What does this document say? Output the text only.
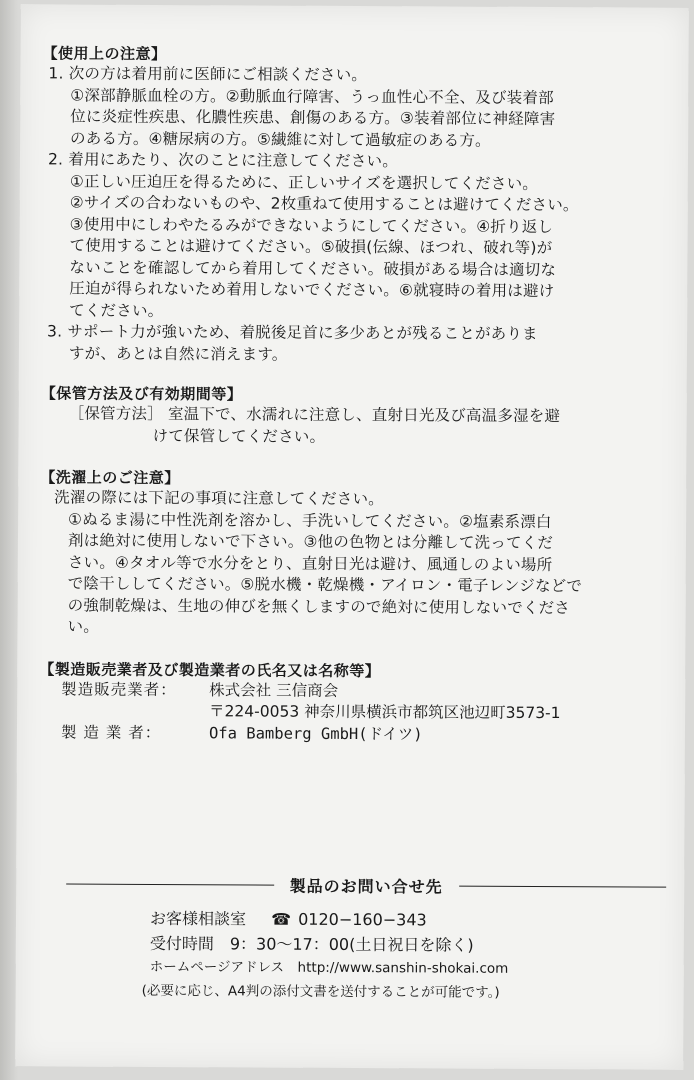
【使用上の注意】
1. 次の方は着用前に医師にご相談ください。
①深部静脈血栓の方。②動脈血行障害、うっ血性心不全、及び装着部
位に炎症性疾患、化膿性疾患、創傷のある方。③装着部位に神経障害
のある方。④糖尿病の方。⑤繊維に対して過敏症のある方。
2. 着用にあたり、次のことに注意してください。
①正しい圧迫圧を得るために、正しいサイズを選択してください。
②サイズの合わないものや、2枚重ねて使用することは避けてください。
③使用中にしわやたるみができないようにしてください。④折り返し
て使用することは避けてください。⑤破損(伝線、ほつれ、破れ等)が
ないことを確認してから着用してください。破損がある場合は適切な
圧迫が得られないため着用しないでください。⑥就寝時の着用は避け
てください。
3. サポート力が強いため、着脱後足首に多少あとが残ることがありま
すが、あとは自然に消えます。
【保管方法及び有効期間等】
［保管方法］ 室温下で、水濡れに注意し、直射日光及び高温多湿を避
けて保管してください。
【洗濯上のご注意】
洗濯の際には下記の事項に注意してください。
①ぬるま湯に中性洗剤を溶かし、手洗いしてください。②塩素系漂白
剤は絶対に使用しないで下さい。③他の色物とは分離して洗ってくだ
さい。④タオル等で水分をとり、直射日光は避け、風通しのよい場所
で陰干ししてください。⑤脱水機・乾燥機・アイロン・電子レンジなどで
の強制乾燥は、生地の伸びを無くしますので絶対に使用しないでくださ
い。
【製造販売業者及び製造業者の氏名又は名称等】
製造販売業者：	株式会社 三信商会
〒224-0053 神奈川県横浜市都筑区池辺町3573-1
製 造 業 者：	Ofa Bamberg GmbH(ドイツ)
製品のお問い合せ先
お客様相談室 ☎ 0120−160−343
受付時間　9：30〜17：00(土日祝日を除く)
ホームページアドレス　http://www.sanshin-shokai.com
(必要に応じ、A4判の添付文書を送付することが可能です。)
